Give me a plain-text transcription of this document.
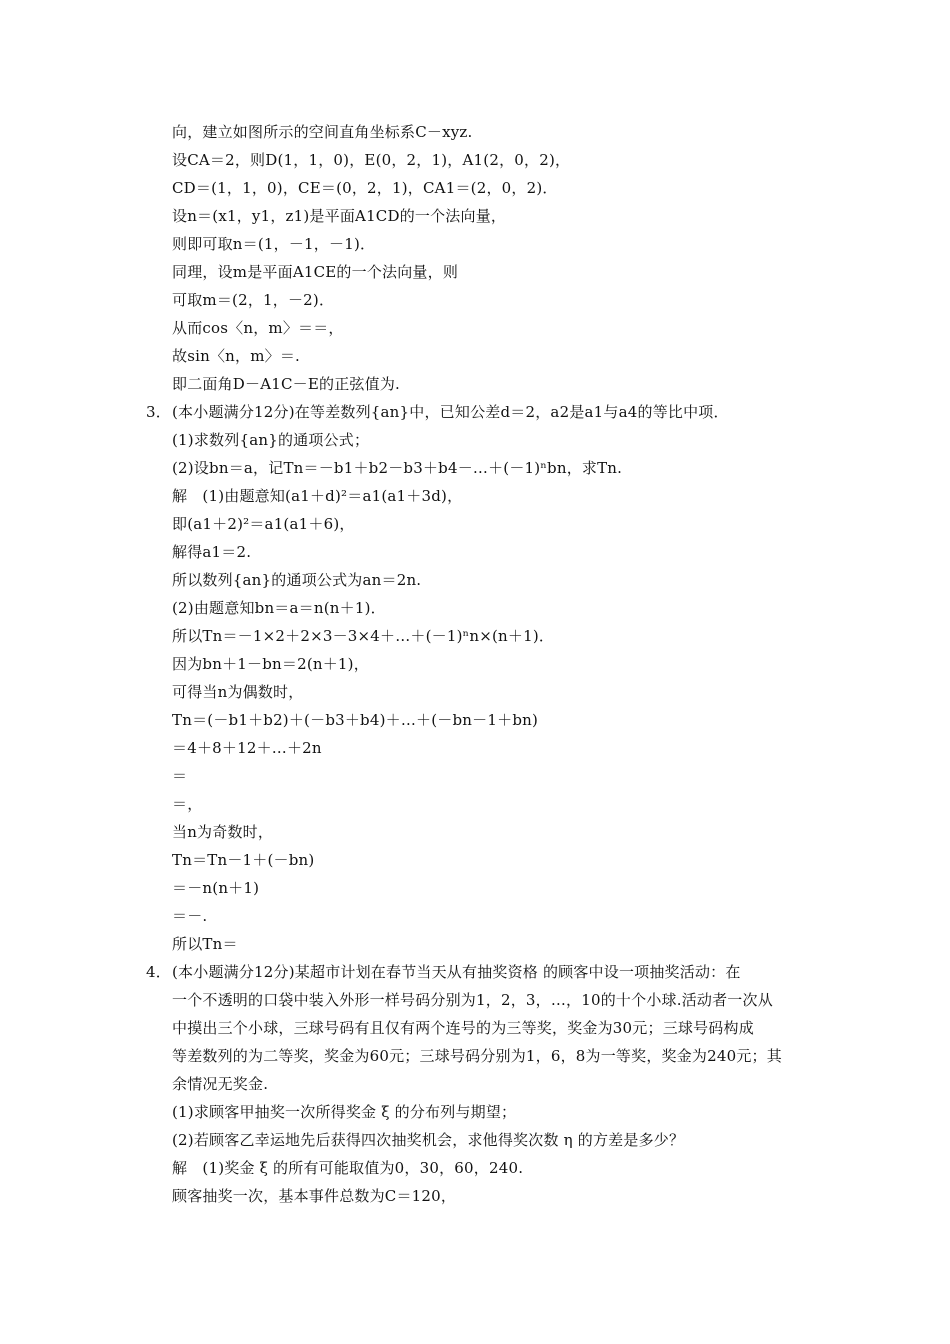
向，建立如图所示的空间直角坐标系C－xyz.
设CA＝2，则D(1，1，0)，E(0，2，1)，A1(2，0，2)，
CD＝(1，1，0)，CE＝(0，2，1)，CA1＝(2，0，2)．
设n＝(x1，y1，z1)是平面A1CD的一个法向量，
则即可取n＝(1，－1，－1)．
同理，设m是平面A1CE的一个法向量，则
可取m＝(2，1，－2)．
从而cos〈n，m〉＝＝，
故sin〈n，m〉＝.
即二面角D－A1C－E的正弦值为.
3． (本小题满分12分)在等差数列{an}中，已知公差d＝2，a2是a1与a4的等比中项．
(1)求数列{an}的通项公式；
(2)设bn＝a，记Tn＝－b1＋b2－b3＋b4－…＋(－1)ⁿbn，求Tn.
解　(1)由题意知(a1＋d)²＝a1(a1＋3d)，
即(a1＋2)²＝a1(a1＋6)，
解得a1＝2.
所以数列{an}的通项公式为an＝2n.
(2)由题意知bn＝a＝n(n＋1)．
所以Tn＝－1×2＋2×3－3×4＋…＋(－1)ⁿn×(n＋1)．
因为bn＋1－bn＝2(n＋1)，
可得当n为偶数时，
Tn＝(－b1＋b2)＋(－b3＋b4)＋…＋(－bn－1＋bn)
＝4＋8＋12＋…＋2n
＝
＝，
当n为奇数时，
Tn＝Tn－1＋(－bn)
＝－n(n＋1)
＝－.
所以Tn＝
4． (本小题满分12分)某超市计划在春节当天从有抽奖资格 的顾客中设一项抽奖活动：在
一个不透明的口袋中装入外形一样号码分别为1，2，3，…，10的十个小球.活动者一次从
中摸出三个小球，三球号码有且仅有两个连号的为三等奖，奖金为30元；三球号码构成
等差数列的为二等奖，奖金为60元；三球号码分别为1，6，8为一等奖，奖金为240元；其
余情况无奖金.
(1)求顾客甲抽奖一次所得奖金 ξ 的分布列与期望；
(2)若顾客乙幸运地先后获得四次抽奖机会，求他得奖次数 η 的方差是多少？
解　(1)奖金 ξ 的所有可能取值为0，30，60，240.
顾客抽奖一次，基本事件总数为C＝120，
